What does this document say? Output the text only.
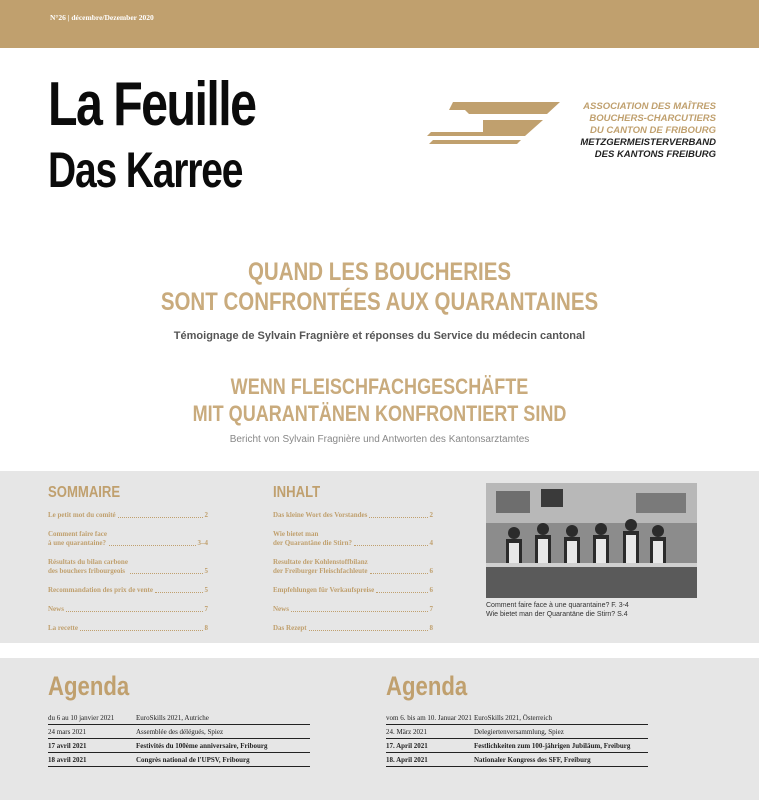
N°26 | décembre/Dezember 2020
La Feuille
Das Karree
ASSOCIATION DES MAÎTRES
BOUCHERS-CHARCUTIERS
DU CANTON DE FRIBOURG
METZGERMEISTERVERBAND
DES KANTONS FREIBURG
QUAND LES BOUCHERIES
SONT CONFRONTÉES AUX QUARANTAINES
Témoignage de Sylvain Fragnière et réponses du Service du médecin cantonal
WENN FLEISCHFACHGESCHÄFTE
MIT QUARANTÄNEN KONFRONTIERT SIND
Bericht von Sylvain Fragnière und Antworten des Kantonsarztamtes
SOMMAIRE
Le petit mot du comité	2
Comment faire face
à une quarantaine?	3–4
Résultats du bilan carbone
des bouchers fribourgeois	5
Recommandation des prix de vente	5
News	7
La recette	8
INHALT
Das kleine Wort des Vorstandes	2
Wie bietet man
der Quarantäne die Stirn?	4
Resultate der Kohlenstoffbilanz
der Freiburger Fleischfachleute	6
Empfehlungen für Verkaufspreise	6
News	7
Das Rezept	8
Comment faire face à une quarantaine? F. 3-4
Wie bietet man der Quarantäne die Stirn? S.4
Agenda
du 6 au 10 janvier 2021	EuroSkills 2021, Autriche
24 mars 2021	Assemblée des délégués, Spiez
17 avril 2021	Festivités du 100ème anniversaire, Fribourg
18 avril 2021	Congrès national de l'UPSV, Fribourg
Agenda
vom 6. bis am 10. Januar 2021 EuroSkills 2021, Österreich
24. März 2021	Delegiertenversammlung, Spiez
17. April 2021	Festlichkeiten zum 100-jährigen Jubiläum, Freiburg
18. April 2021	Nationaler Kongress des SFF, Freiburg
